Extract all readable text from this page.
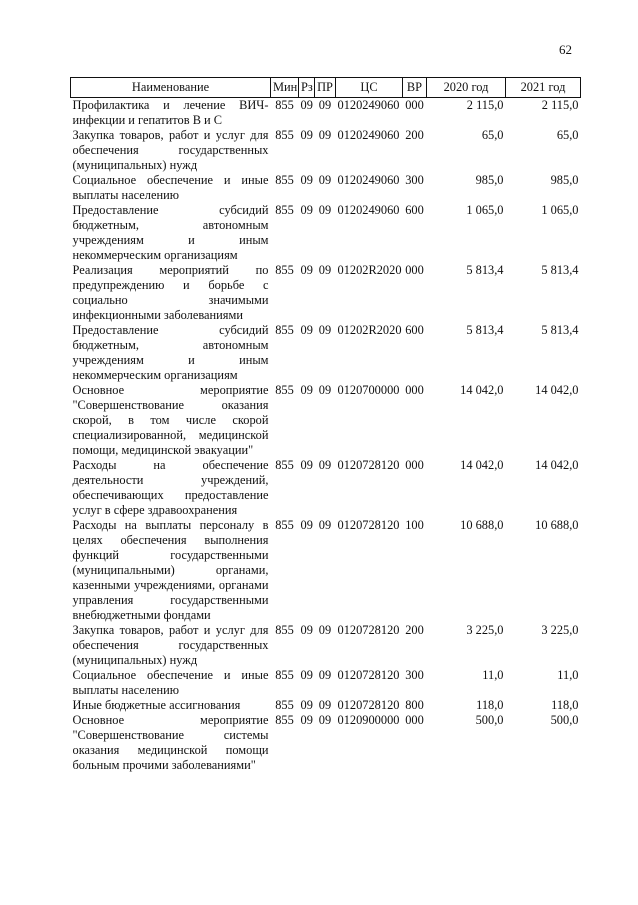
62
Наименование	Мин	Рз	ПР	ЦС	ВР	2020 год	2021 год
Профилактика и лечение ВИЧ-инфекции и гепатитов В и С	855	09	09	0120249060	000	2 115,0	2 115,0
Закупка товаров, работ и услуг для обеспечения государственных (муниципальных) нужд	855	09	09	0120249060	200	65,0	65,0
Социальное обеспечение и иные выплаты населению	855	09	09	0120249060	300	985,0	985,0
Предоставление субсидий бюджетным, автономным учреждениям и иным некоммерческим организациям	855	09	09	0120249060	600	1 065,0	1 065,0
Реализация мероприятий по предупреждению и борьбе с социально значимыми инфекционными заболеваниями	855	09	09	01202R2020	000	5 813,4	5 813,4
Предоставление субсидий бюджетным, автономным учреждениям и иным некоммерческим организациям	855	09	09	01202R2020	600	5 813,4	5 813,4
Основное мероприятие "Совершенствование оказания скорой, в том числе скорой специализированной, медицинской помощи, медицинской эвакуации"	855	09	09	0120700000	000	14 042,0	14 042,0
Расходы на обеспечение деятельности учреждений, обеспечивающих предоставление услуг в сфере здравоохранения	855	09	09	0120728120	000	14 042,0	14 042,0
Расходы на выплаты персоналу в целях обеспечения выполнения функций государственными (муниципальными) органами, казенными учреждениями, органами управления государственными внебюджетными фондами	855	09	09	0120728120	100	10 688,0	10 688,0
Закупка товаров, работ и услуг для обеспечения государственных (муниципальных) нужд	855	09	09	0120728120	200	3 225,0	3 225,0
Социальное обеспечение и иные выплаты населению	855	09	09	0120728120	300	11,0	11,0
Иные бюджетные ассигнования	855	09	09	0120728120	800	118,0	118,0
Основное мероприятие "Совершенствование системы оказания медицинской помощи больным прочими заболеваниями"	855	09	09	0120900000	000	500,0	500,0
